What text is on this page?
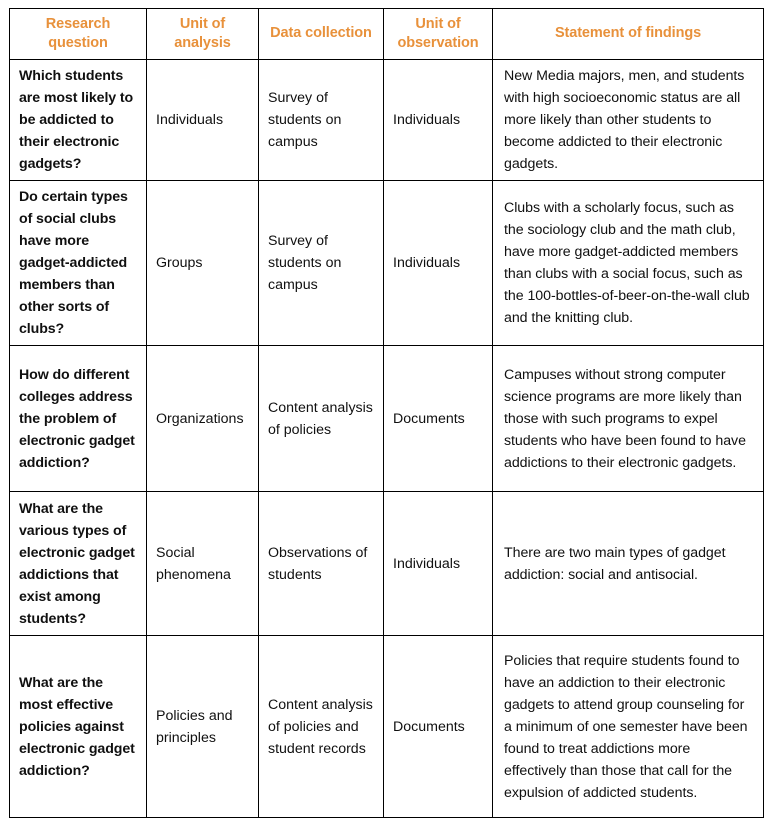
Research question	Unit of analysis	Data collection	Unit of observation	Statement of findings

Which students are most likely to be addicted to their electronic gadgets?	Individuals	Survey of students on campus	Individuals	New Media majors, men, and students with high socioeconomic status are all more likely than other students to become addicted to their electronic gadgets.

Do certain types of social clubs have more gadget-addicted members than other sorts of clubs?	Groups	Survey of students on campus	Individuals	Clubs with a scholarly focus, such as the sociology club and the math club, have more gadget-addicted members than clubs with a social focus, such as the 100-bottles-of-beer-on-the-wall club and the knitting club.

How do different colleges address the problem of electronic gadget addiction?	Organizations	Content analysis of policies	Documents	Campuses without strong computer science programs are more likely than those with such programs to expel students who have been found to have addictions to their electronic gadgets.

What are the various types of electronic gadget addictions that exist among students?	Social phenomena	Observations of students	Individuals	There are two main types of gadget addiction: social and antisocial.

What are the most effective policies against electronic gadget addiction?	Policies and principles	Content analysis of policies and student records	Documents	Policies that require students found to have an addiction to their electronic gadgets to attend group counseling for a minimum of one semester have been found to treat addictions more effectively than those that call for the expulsion of addicted students.
